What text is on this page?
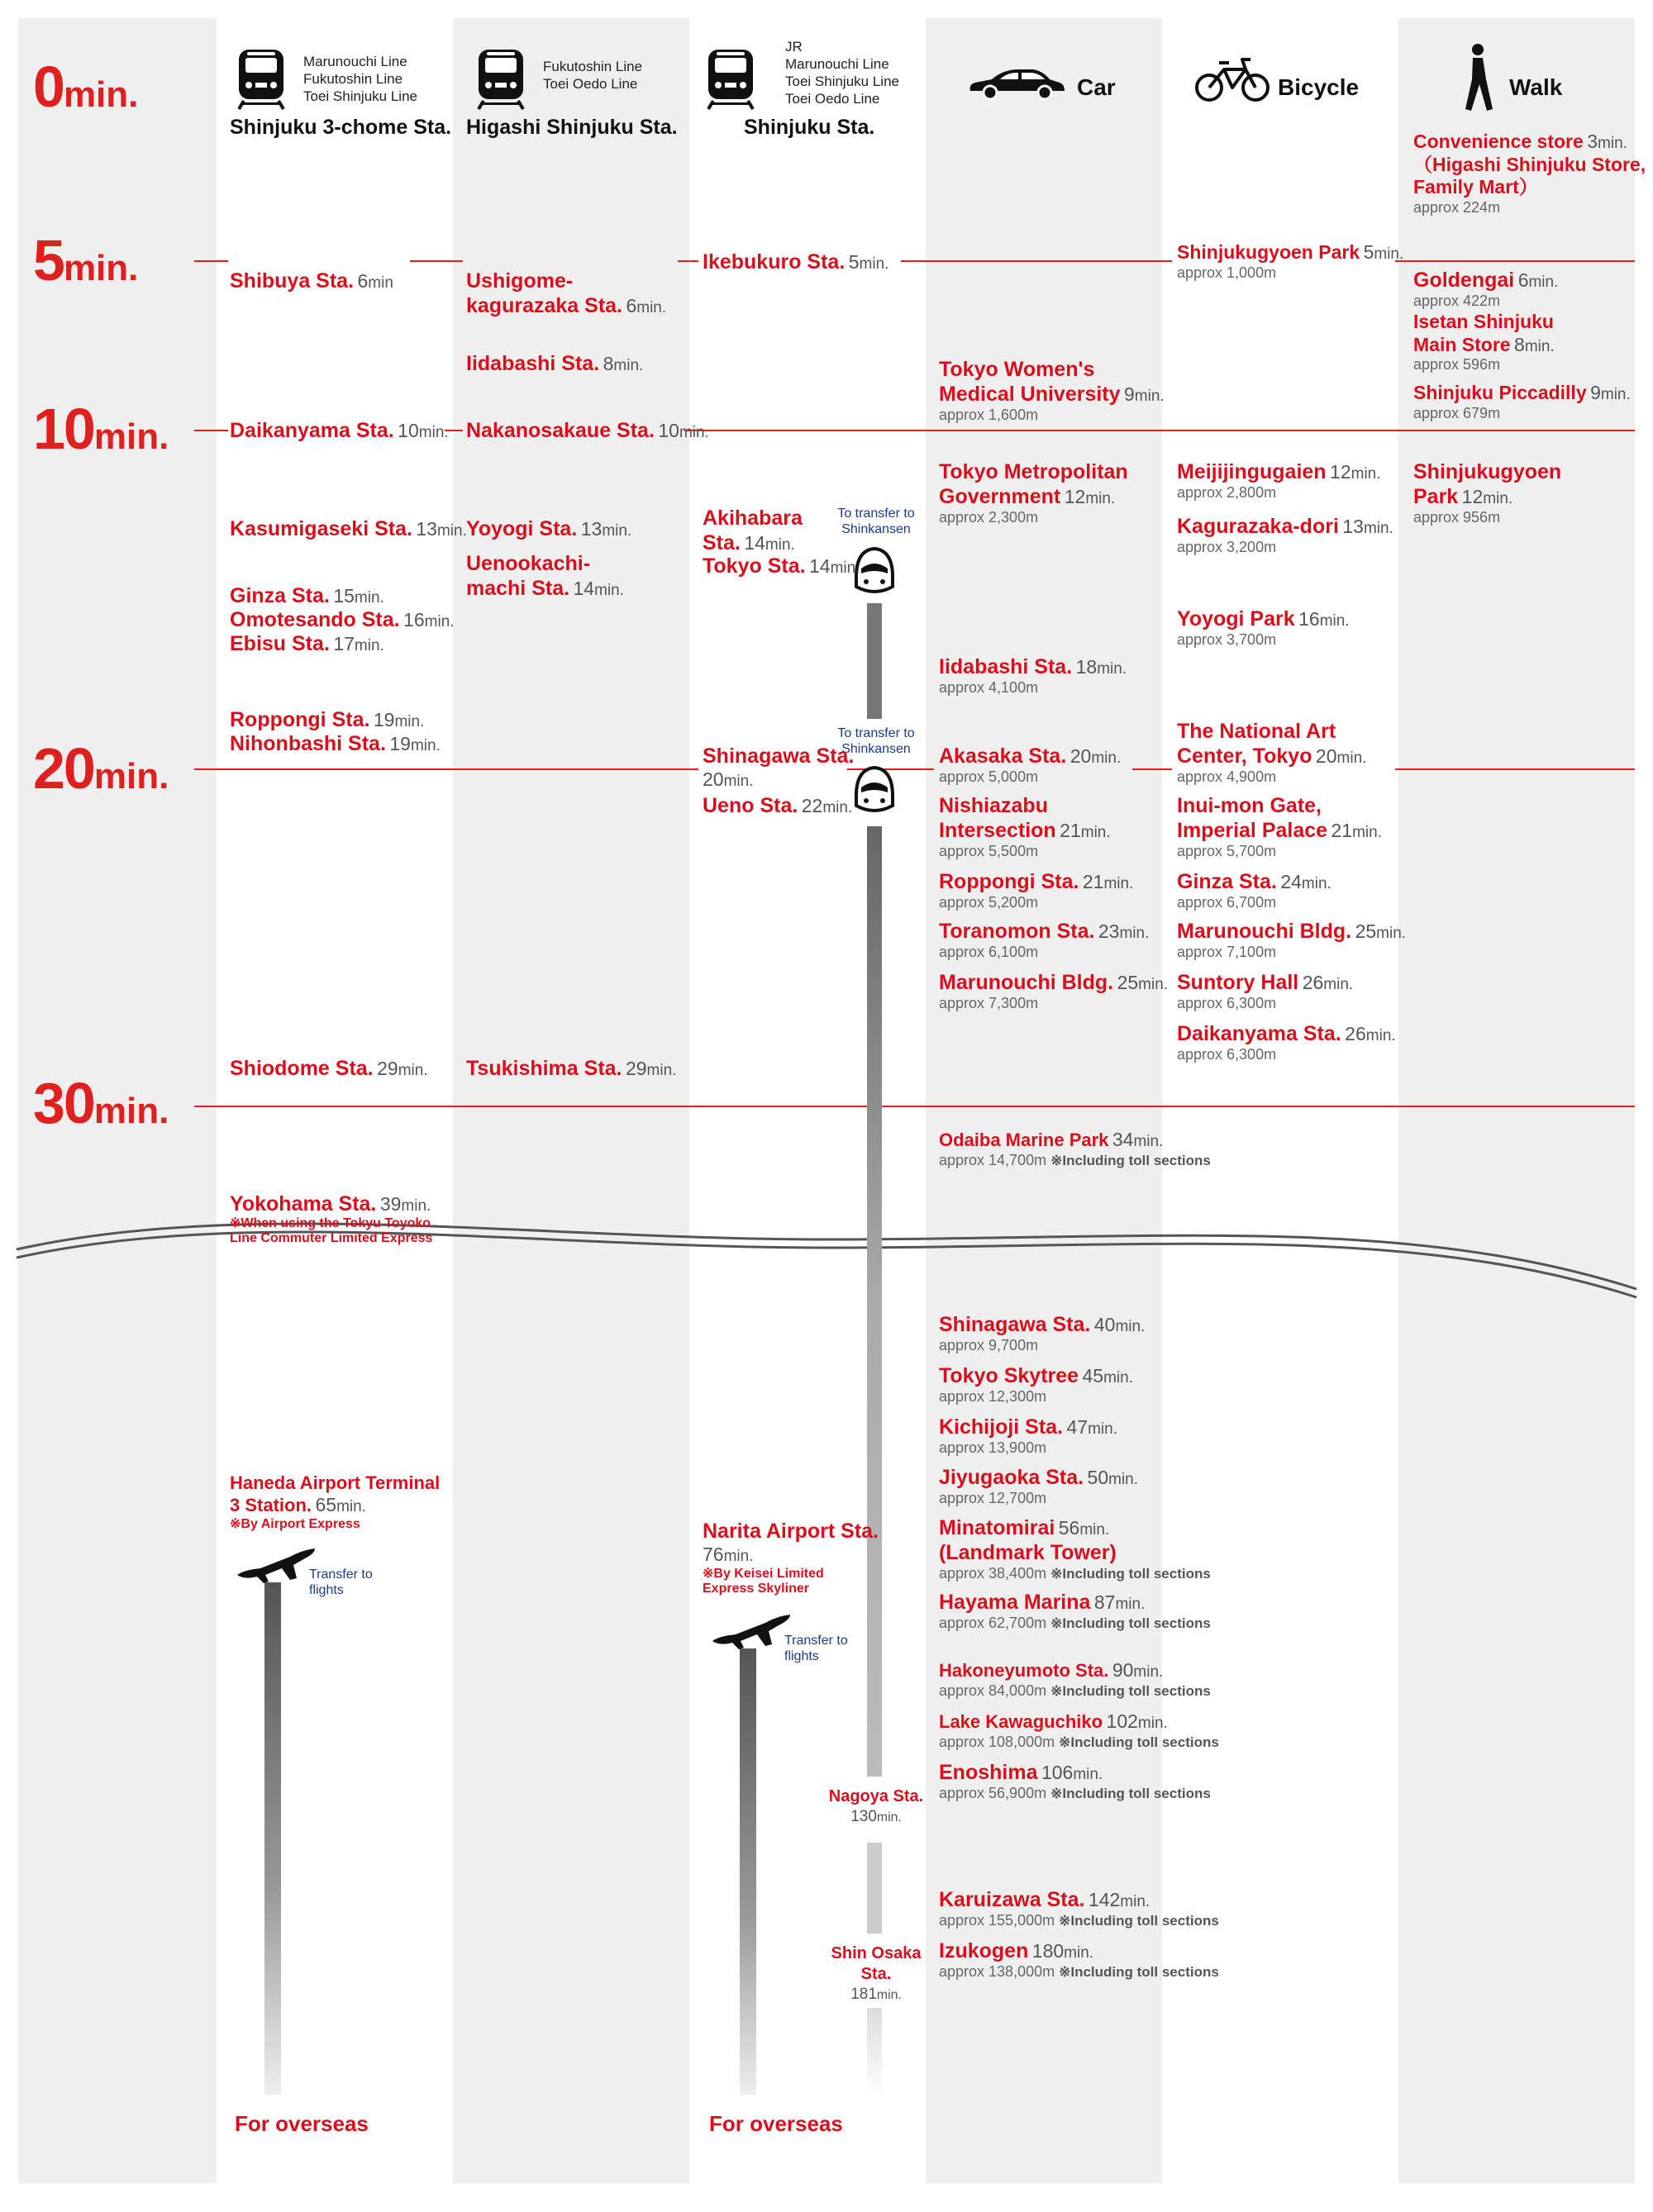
0min.
5min.
10min.
20min.
30min.
Marunouchi Line
Fukutoshin Line
Toei Shinjuku Line
Shinjuku 3-chome Sta.
Fukutoshin Line
Toei Oedo Line
Higashi Shinjuku Sta.
JR
Marunouchi Line
Toei Shinjuku Line
Toei Oedo Line
Shinjuku Sta.
Car	Bicycle	Walk
To transfer to
Shinkansen
To transfer to
Shinkansen
Transfer to
flights
Transfer to
flights
For overseas	For overseas
Shibuya Sta. 6min
Daikanyama Sta. 10min.
Kasumigaseki Sta. 13min.
Ginza Sta. 15min.
Omotesando Sta. 16min.
Ebisu Sta. 17min.
Roppongi Sta. 19min.
Nihonbashi Sta. 19min.
Shiodome Sta. 29min.
Yokohama Sta. 39min.
※When using the Tokyu Toyoko
Line Commuter Limited Express
Haneda Airport Terminal
3 Station. 65min.
※By Airport Express
Ushigome-
kagurazaka Sta. 6min.
Iidabashi Sta. 8min.
Nakanosakaue Sta. 10min.
Yoyogi Sta. 13min.
Uenookachi-
machi Sta. 14min.
Tsukishima Sta. 29min.
Ikebukuro Sta. 5min.
Akihabara
Sta. 14min.
Tokyo Sta. 14min.
Shinagawa Sta.
20min.
Ueno Sta. 22min.
Narita Airport Sta.
76min.
※By Keisei Limited
Express Skyliner
Nagoya Sta.
130min.
Shin Osaka Sta.
181min.
Tokyo Women's
Medical University 9min.
approx 1,600m
Tokyo Metropolitan
Government 12min.
approx 2,300m
Iidabashi Sta. 18min.
approx 4,100m
Akasaka Sta. 20min.
approx 5,000m
Nishiazabu
Intersection 21min.
approx 5,500m
Roppongi Sta. 21min.
approx 5,200m
Toranomon Sta. 23min.
approx 6,100m
Marunouchi Bldg. 25min.
approx 7,300m
Odaiba Marine Park 34min.
approx 14,700m ※Including toll sections
Shinagawa Sta. 40min.
approx 9,700m
Tokyo Skytree 45min.
approx 12,300m
Kichijoji Sta. 47min.
approx 13,900m
Jiyugaoka Sta. 50min.
approx 12,700m
Minatomirai 56min.
(Landmark Tower)
approx 38,400m ※Including toll sections
Hayama Marina 87min.
approx 62,700m ※Including toll sections
Hakoneyumoto Sta. 90min.
approx 84,000m ※Including toll sections
Lake Kawaguchiko 102min.
approx 108,000m ※Including toll sections
Enoshima 106min.
approx 56,900m ※Including toll sections
Karuizawa Sta. 142min.
approx 155,000m ※Including toll sections
Izukogen 180min.
approx 138,000m ※Including toll sections
Shinjukugyoen Park 5min.
approx 1,000m
Meijijingugaien 12min.
approx 2,800m
Kagurazaka-dori 13min.
approx 3,200m
Yoyogi Park 16min.
approx 3,700m
The National Art
Center, Tokyo 20min.
approx 4,900m
Inui-mon Gate,
Imperial Palace 21min.
approx 5,700m
Ginza Sta. 24min.
approx 6,700m
Marunouchi Bldg. 25min.
approx 7,100m
Suntory Hall 26min.
approx 6,300m
Daikanyama Sta. 26min.
approx 6,300m
Convenience store 3min.
（Higashi Shinjuku Store,
Family Mart）
approx 224m
Goldengai 6min.
approx 422m
Isetan Shinjuku
Main Store 8min.
approx 596m
Shinjuku Piccadilly 9min.
approx 679m
Shinjukugyoen
Park 12min.
approx 956m
